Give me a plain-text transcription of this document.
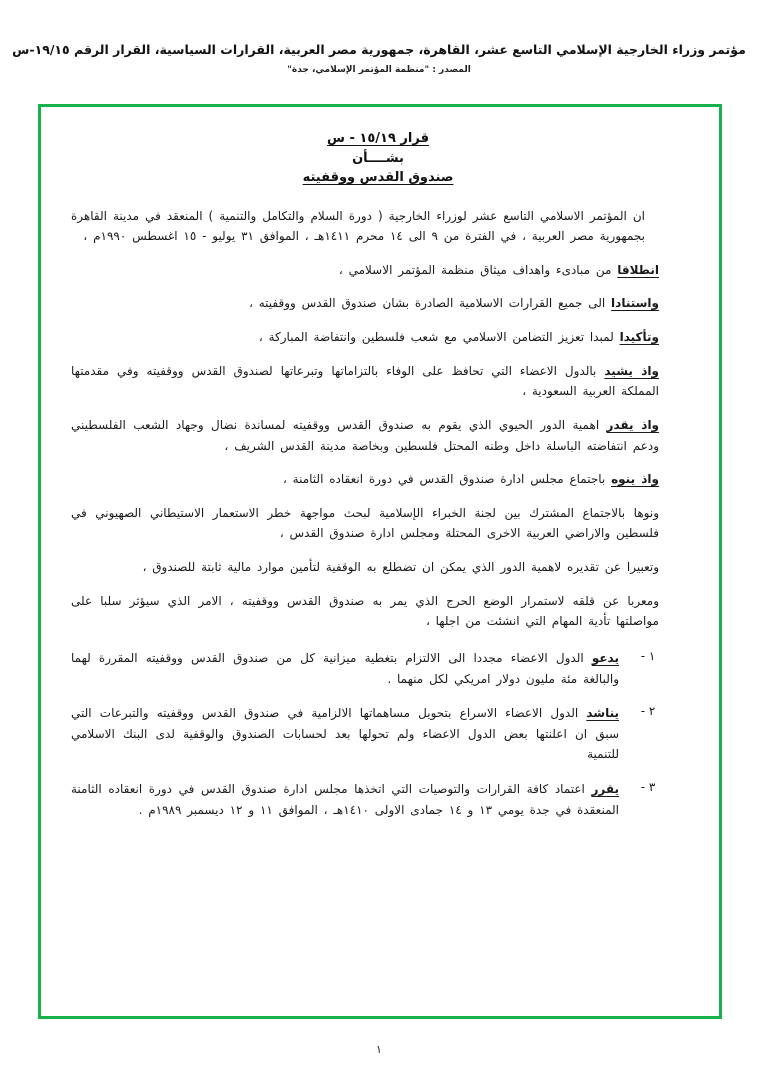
مؤتمر وزراء الخارجية الإسلامي التاسع عشر، القاهرة، جمهورية مصر العربية، القرارات السياسية، القرار الرقم ١٩/١٥-س
المصدر : "منظمة المؤتمر الإسلامي، جدة"
قرار ١٥/١٩ - س
بشــــأن
صندوق القدس ووقفيته

ان المؤتمر الاسلامي التاسع عشر لوزراء الخارجية ( دورة السلام والتكامل والتنمية ) المنعقد في مدينة القاهرة بجمهورية مصر العربية ، في الفترة من ٩ الى ١٤ محرم ١٤١١هـ ، الموافق ٣١ يوليو - ١٥ اغسطس ١٩٩٠م ،

انطلاقا من مبادىء واهداف ميثاق منظمة المؤتمر الاسلامي ،

واستنادا الى جميع القرارات الاسلامية الصادرة بشان صندوق القدس ووقفيته ،

وتأكيدا لمبدا تعزيز التضامن الاسلامي مع شعب فلسطين وانتفاضة المباركة ،

واذ يشيد بالدول الاعضاء التي تحافظ على الوفاء بالتزاماتها وتبرعاتها لصندوق القدس ووقفيته وفي مقدمتها المملكة العربية السعودية ،

واذ يقدر اهمية الدور الحيوي الذي يقوم به صندوق القدس ووقفيته لمساندة نضال وجهاد الشعب الفلسطيني ودعم انتفاضته الباسلة داخل وطنه المحتل فلسطين وبخاصة مدينة القدس الشريف ،

واذ ينوه باجتماع مجلس ادارة صندوق القدس في دورة انعقاده الثامنة ،

ونوها بالاجتماع المشترك بين لجنة الخبراء الإسلامية لبحث مواجهة خطر الاستعمار الاستيطاني الصهيوني في فلسطين والاراضي العربية الاخرى المحتلة ومجلس ادارة صندوق القدس ،

وتعبيرا عن تقديره لاهمية الدور الذي يمكن ان تضطلع به الوقفية لتأمين موارد مالية ثابتة للصندوق ،

ومعربا عن قلقه لاستمرار الوضع الحرج الذي يمر به صندوق القدس ووقفيته ، الامر الذي سيؤثر سلبا على مواصلتها تأدية المهام التي انشئت من اجلها ،

١ -
يدعو الدول الاعضاء مجددا الى الالتزام بتغطية ميزانية كل من صندوق القدس ووقفيته المقررة لهما والبالغة مئة مليون دولار امريكي لكل منهما .
٢ -
يناشد الدول الاعضاء الاسراع بتحويل مساهماتها الالزامية في صندوق القدس ووقفيته والتبرعات التي سبق ان اعلنتها بعض الدول الاعضاء ولم تحولها بعد لحسابات الصندوق والوقفية لدى البنك الاسلامي للتنمية
٣ -
يقرر اعتماد كافة القرارات والتوصيات التي اتخذها مجلس ادارة صندوق القدس في دورة انعقاده الثامنة المنعقدة في جدة يومي ١٣ و ١٤ جمادى الاولى ١٤١٠هـ ، الموافق ١١ و ١٢ ديسمبر ١٩٨٩م .
١
